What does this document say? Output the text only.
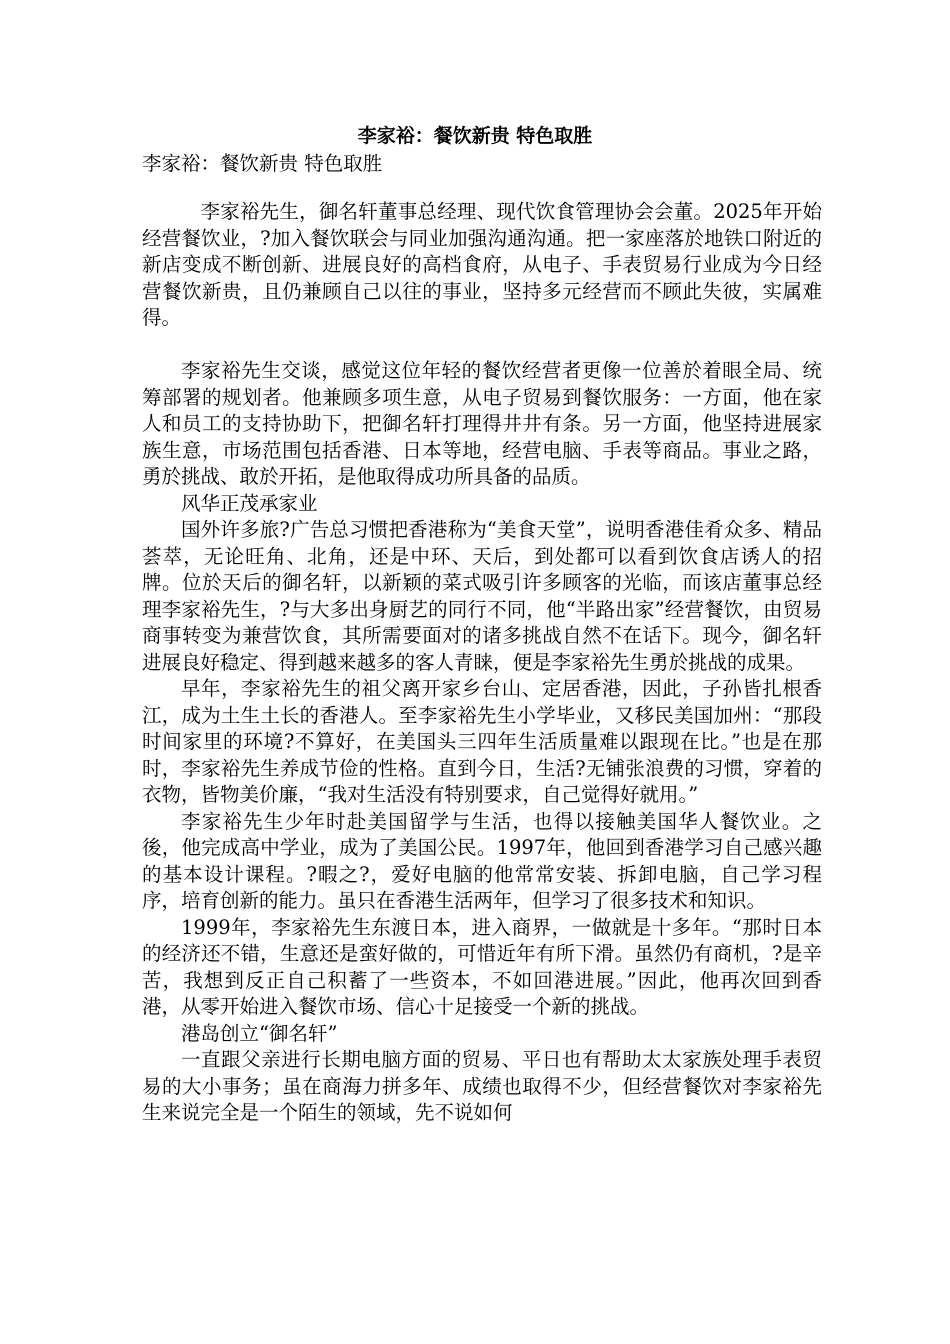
李家裕：餐饮新贵 特色取胜

李家裕：餐饮新贵 特色取胜

李家裕先生，御名轩董事总经理、现代饮食管理协会会董。2025年开始经营餐饮业，?加入餐饮联会与同业加强沟通沟通。把一家座落於地铁口附近的新店变成不断创新、进展良好的高档食府，从电子、手表贸易行业成为今日经营餐饮新贵，且仍兼顾自己以往的事业，坚持多元经营而不顾此失彼，实属难得。

李家裕先生交谈，感觉这位年轻的餐饮经营者更像一位善於着眼全局、统筹部署的规划者。他兼顾多项生意，从电子贸易到餐饮服务：一方面，他在家人和员工的支持协助下，把御名轩打理得井井有条。另一方面，他坚持进展家族生意，市场范围包括香港、日本等地，经营电脑、手表等商品。事业之路，勇於挑战、敢於开拓，是他取得成功所具备的品质。

风华正茂承家业

国外许多旅?广告总习惯把香港称为“美食天堂”，说明香港佳肴众多、精品荟萃，无论旺角、北角，还是中环、天后，到处都可以看到饮食店诱人的招牌。位於天后的御名轩，以新颖的菜式吸引许多顾客的光临，而该店董事总经理李家裕先生，?与大多出身厨艺的同行不同，他“半路出家”经营餐饮，由贸易商事转变为兼营饮食，其所需要面对的诸多挑战自然不在话下。现今，御名轩进展良好稳定、得到越来越多的客人青睐，便是李家裕先生勇於挑战的成果。

早年，李家裕先生的祖父离开家乡台山、定居香港，因此，子孙皆扎根香江，成为土生土长的香港人。至李家裕先生小学毕业，又移民美国加州：“那段时间家里的环境?不算好，在美国头三四年生活质量难以跟现在比。”也是在那时，李家裕先生养成节俭的性格。直到今日，生活?无铺张浪费的习惯，穿着的衣物，皆物美价廉，“我对生活没有特别要求，自己觉得好就用。”

李家裕先生少年时赴美国留学与生活，也得以接触美国华人餐饮业。之後，他完成高中学业，成为了美国公民。1997年，他回到香港学习自己感兴趣的基本设计课程。?暇之?，爱好电脑的他常常安装、拆卸电脑，自己学习程序，培育创新的能力。虽只在香港生活两年，但学习了很多技术和知识。

1999年，李家裕先生东渡日本，进入商界，一做就是十多年。“那时日本的经济还不错，生意还是蛮好做的，可惜近年有所下滑。虽然仍有商机，?是辛苦，我想到反正自己积蓄了一些资本，不如回港进展。”因此，他再次回到香港，从零开始进入餐饮市场、信心十足接受一个新的挑战。

港岛创立“御名轩”

一直跟父亲进行长期电脑方面的贸易、平日也有帮助太太家族处理手表贸易的大小事务；虽在商海力拼多年、成绩也取得不少，但经营餐饮对李家裕先生来说完全是一个陌生的领域，先不说如何
